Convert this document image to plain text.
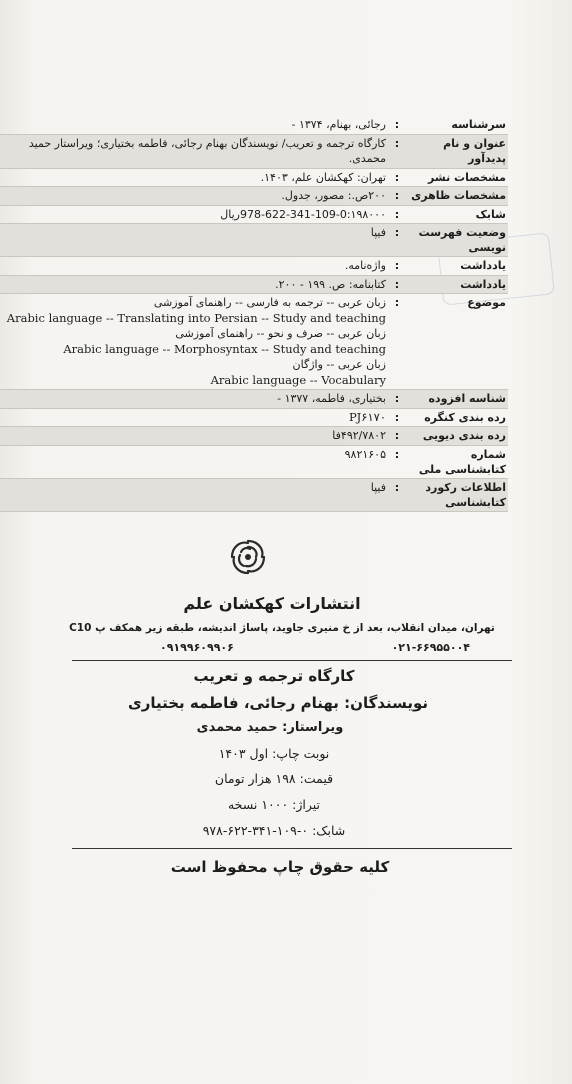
سرشناسه
:
رجائی، بهنام، ۱۳۷۴ -
عنوان و نام پدیدآور
:
کارگاه ترجمه و تعریب/ نویسندگان بهنام رجائی، فاطمه بختیاری؛ ویراستار حمید
محمدی.
مشخصات نشر
:
تهران: کهکشان علم، ۱۴۰۳.
مشخصات ظاهری
:
۲۰۰ص.: مصور، جدول.
شابک
:
978-622-341-109-0:۱۹۸۰۰۰ریال
وضعیت فهرست نویسی
:
فیپا
یادداشت
:
واژه‌نامه.
یادداشت
:
کتابنامه: ص. ۱۹۹ - ۲۰۰.
موضوع
:
زبان عربی -- ترجمه به فارسی -- راهنمای آموزشی
Arabic language -- Translating into Persian -- Study and teaching
زبان عربی -- صرف و نحو -- راهنمای آموزشی
Arabic language -- Morphosyntax -- Study and teaching
زبان عربی -- واژگان
Arabic language -- Vocabulary
شناسه افزوده
:
بختیاری، فاطمه، ۱۳۷۷ -
رده بندی کنگره
:
PJ۶۱۷۰
رده بندی دیویی
:
۴۹۲/۷۸۰۲فا
شماره کتابشناسی ملی
:
۹۸۲۱۶۰۵
اطلاعات رکورد کتابشناسی
:
فیپا
انتشارات کهکشان علم
تهران، میدان انقلاب، بعد از خ منیری جاوید، پاساژ اندیشه، طبقه زیر همکف پ C10
۰۹۱۹۹۶۰۹۹۰۶	۰۲۱-۶۶۹۵۵۰۰۴
کارگاه ترجمه و تعریب
نویسندگان: بهنام رجائی، فاطمه بختیاری
ویراستار: حمید محمدی
نوبت چاپ: اول ۱۴۰۳
قیمت: ۱۹۸ هزار تومان
تیراژ: ۱۰۰۰ نسخه
شابک: ۰-۱۰۹-۳۴۱-۶۲۲-۹۷۸
کلیه حقوق چاپ محفوظ است
